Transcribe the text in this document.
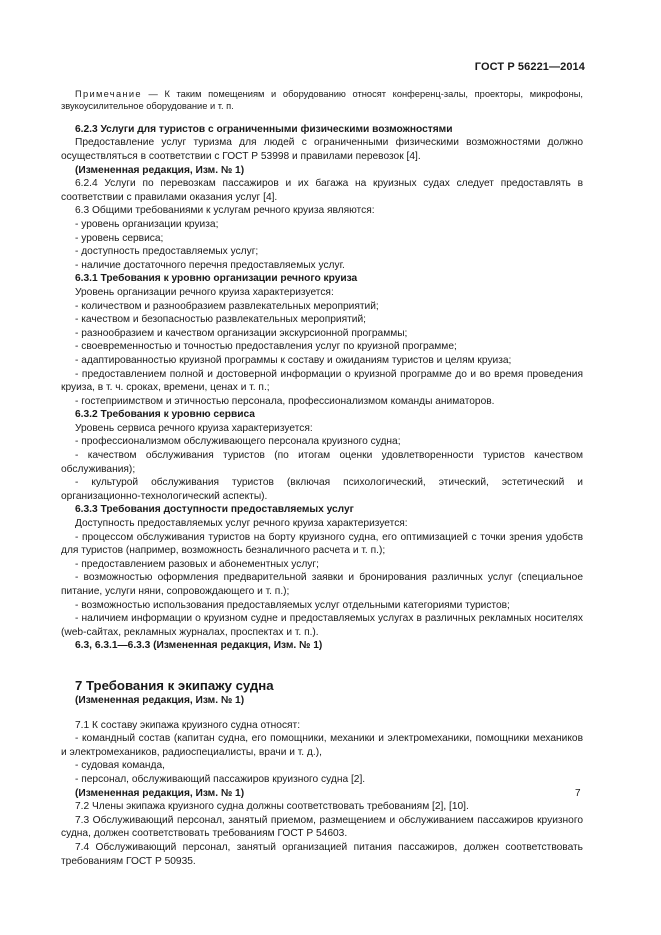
ГОСТ Р 56221—2014

Примечание — К таким помещениям и оборудованию относят конференц-залы, проекторы, микрофоны, звукоусилительное оборудование и т. п.

6.2.3 Услуги для туристов с ограниченными физическими возможностями

Предоставление услуг туризма для людей с ограниченными физическими возможностями должно осуществляться в соответствии с ГОСТ Р 53998 и правилами перевозок [4].

(Измененная редакция, Изм. № 1)

6.2.4 Услуги по перевозкам пассажиров и их багажа на круизных судах следует предоставлять в соответствии с правилами оказания услуг [4].

6.3 Общими требованиями к услугам речного круиза являются:

- уровень организации круиза;

- уровень сервиса;

- доступность предоставляемых услуг;

- наличие достаточного перечня предоставляемых услуг.

6.3.1 Требования к уровню организации речного круиза

Уровень организации речного круиза характеризуется:

- количеством и разнообразием развлекательных мероприятий;

- качеством и безопасностью развлекательных мероприятий;

- разнообразием и качеством организации экскурсионной программы;

- своевременностью и точностью предоставления услуг по круизной программе;

- адаптированностью круизной программы к составу и ожиданиям туристов и целям круиза;

- предоставлением полной и достоверной информации о круизной программе до и во время проведения круиза, в т. ч. сроках, времени, ценах и т. п.;

- гостеприимством и этичностью персонала, профессионализмом команды аниматоров.

6.3.2 Требования к уровню сервиса

Уровень сервиса речного круиза характеризуется:

- профессионализмом обслуживающего персонала круизного судна;

- качеством обслуживания туристов (по итогам оценки удовлетворенности туристов качеством обслуживания);

- культурой обслуживания туристов (включая психологический, этический, эстетический и организационно-технологический аспекты).

6.3.3 Требования доступности предоставляемых услуг

Доступность предоставляемых услуг речного круиза характеризуется:

- процессом обслуживания туристов на борту круизного судна, его оптимизацией с точки зрения удобств для туристов (например, возможность безналичного расчета и т. п.);

- предоставлением разовых и абонементных услуг;

- возможностью оформления предварительной заявки и бронирования различных услуг (специальное питание, услуги няни, сопровождающего и т. п.);

- возможностью использования предоставляемых услуг отдельными категориями туристов;

- наличием информации о круизном судне и предоставляемых услугах в различных рекламных носителях (web-сайтах, рекламных журналах, проспектах и т. п.).

6.3, 6.3.1—6.3.3 (Измененная редакция, Изм. № 1)

7 Требования к экипажу судна

(Измененная редакция, Изм. № 1)

7.1 К составу экипажа круизного судна относят:

- командный состав (капитан судна, его помощники, механики и электромеханики, помощники механиков и электромехаников, радиоспециалисты, врачи и т. д.),

- судовая команда,

- персонал, обслуживающий пассажиров круизного судна [2].

(Измененная редакция, Изм. № 1)

7.2 Члены экипажа круизного судна должны соответствовать требованиям [2], [10].

7.3 Обслуживающий персонал, занятый приемом, размещением и обслуживанием пассажиров круизного судна, должен соответствовать требованиям ГОСТ Р 54603.

7.4 Обслуживающий персонал, занятый организацией питания пассажиров, должен соответствовать требованиям ГОСТ Р 50935.

7
